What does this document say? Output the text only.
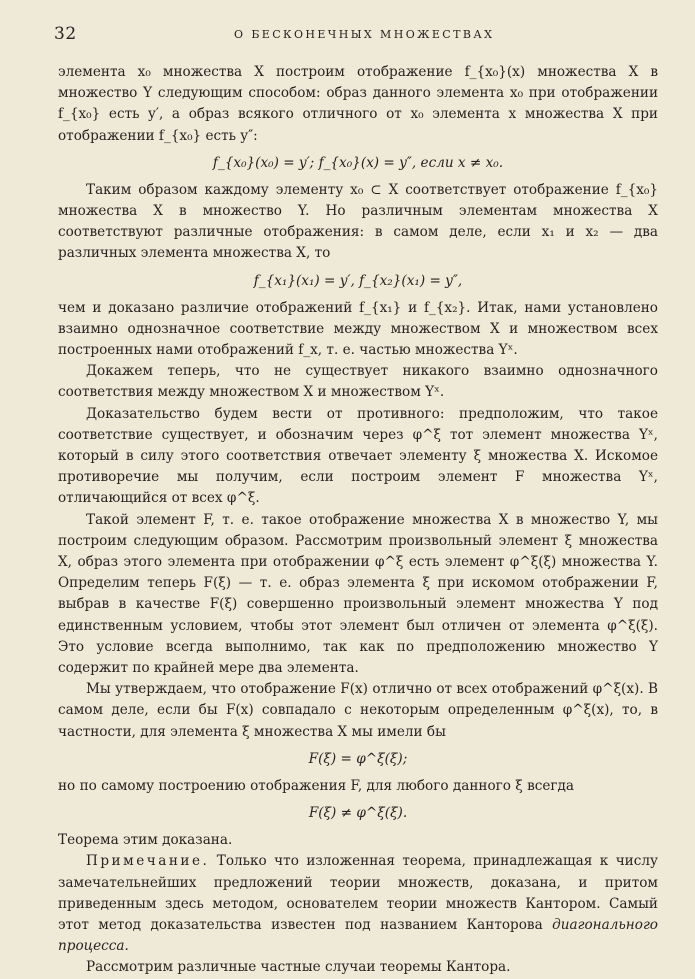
32	О БЕСКОНЕЧНЫХ МНОЖЕСТВАХ

элемента x₀ множества X построим отображение f_{x₀}(x) множества X в множество Y следующим способом: образ данного элемента x₀ при отображении f_{x₀} есть y′, а образ всякого отличного от x₀ элемента x множества X при отображении f_{x₀} есть y″:

f_{x₀}(x₀) = y′; f_{x₀}(x) = y″, если x ≠ x₀.

Таким образом каждому элементу x₀ ⊂ X соответствует отображение f_{x₀} множества X в множество Y. Но различным элементам множества X соответствуют различные отображения: в самом деле, если x₁ и x₂ — два различных элемента множества X, то

f_{x₁}(x₁) = y′, f_{x₂}(x₁) = y″,

чем и доказано различие отображений f_{x₁} и f_{x₂}. Итак, нами установлено взаимно однозначное соответствие между множеством X и множеством всех построенных нами отображений f_x, т. е. частью множества Yˣ.

Докажем теперь, что не существует никакого взаимно однозначного соответствия между множеством X и множеством Yˣ.

Доказательство будем вести от противного: предположим, что такое соответствие существует, и обозначим через φ^ξ тот элемент множества Yˣ, который в силу этого соответствия отвечает элементу ξ множества X. Искомое противоречие мы получим, если построим элемент F множества Yˣ, отличающийся от всех φ^ξ.

Такой элемент F, т. е. такое отображение множества X в множество Y, мы построим следующим образом. Рассмотрим произвольный элемент ξ множества X, образ этого элемента при отображении φ^ξ есть элемент φ^ξ(ξ) множества Y. Определим теперь F(ξ) — т. е. образ элемента ξ при искомом отображении F, выбрав в качестве F(ξ) совершенно произвольный элемент множества Y под единственным условием, чтобы этот элемент был отличен от элемента φ^ξ(ξ). Это условие всегда выполнимо, так как по предположению множество Y содержит по крайней мере два элемента.

Мы утверждаем, что отображение F(x) отлично от всех отображений φ^ξ(x). В самом деле, если бы F(x) совпадало с некоторым определенным φ^ξ(x), то, в частности, для элемента ξ множества X мы имели бы

F(ξ) = φ^ξ(ξ);

но по самому построению отображения F, для любого данного ξ всегда

F(ξ) ≠ φ^ξ(ξ).

Теорема этим доказана.

Примечание. Только что изложенная теорема, принадлежащая к числу замечательнейших предложений теории множеств, доказана, и притом приведенным здесь методом, основателем теории множеств Кантором. Самый этот метод доказательства известен под названием Канторова диагонального процесса.

Рассмотрим различные частные случаи теоремы Кантора.
